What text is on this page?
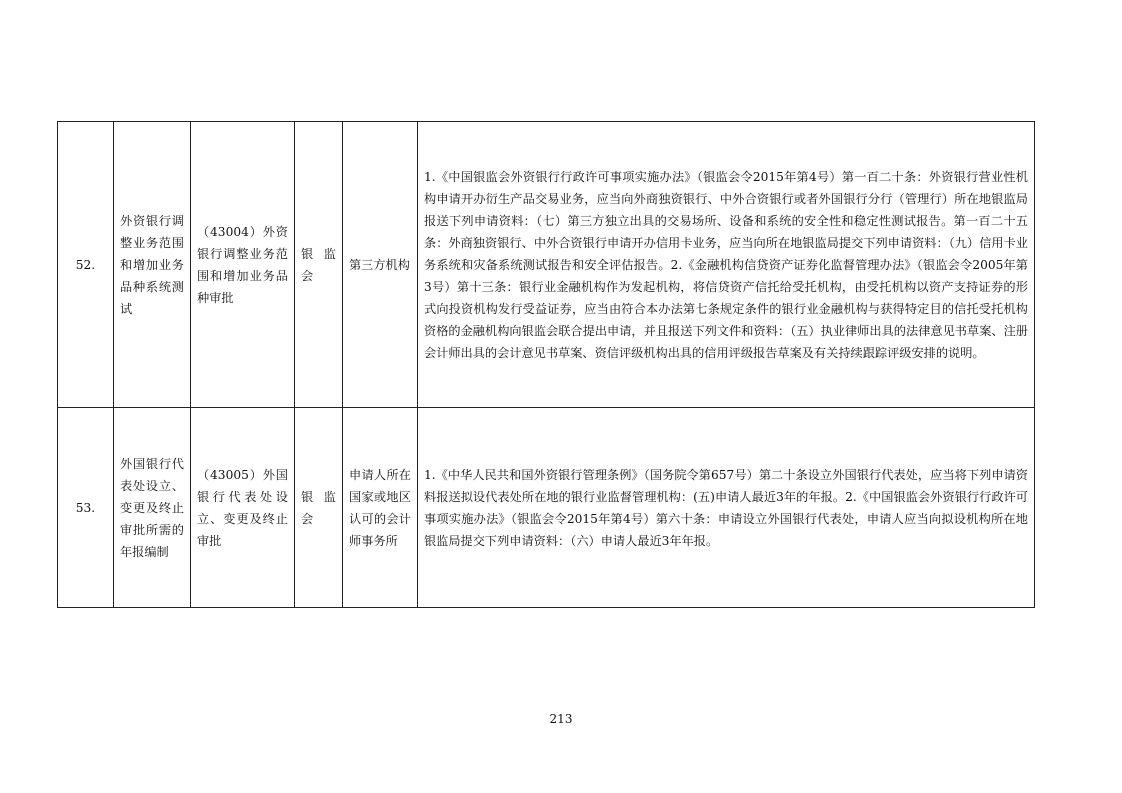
52.	外资银行调整业务范围和增加业务品种系统测试	（43004）外资银行调整业务范围和增加业务品种审批	银监会	第三方机构	1.《中国银监会外资银行行政许可事项实施办法》（银监会令2015年第4号）第一百二十条：外资银行营业性机构申请开办衍生产品交易业务，应当向外商独资银行、中外合资银行或者外国银行分行（管理行）所在地银监局报送下列申请资料：（七）第三方独立出具的交易场所、设备和系统的安全性和稳定性测试报告。第一百二十五条：外商独资银行、中外合资银行申请开办信用卡业务，应当向所在地银监局提交下列申请资料：（九）信用卡业务系统和灾备系统测试报告和安全评估报告。2.《金融机构信贷资产证券化监督管理办法》（银监会令2005年第3号）第十三条：银行业金融机构作为发起机构，将信贷资产信托给受托机构，由受托机构以资产支持证券的形式向投资机构发行受益证券，应当由符合本办法第七条规定条件的银行业金融机构与获得特定目的信托受托机构资格的金融机构向银监会联合提出申请，并且报送下列文件和资料：（五）执业律师出具的法律意见书草案、注册会计师出具的会计意见书草案、资信评级机构出具的信用评级报告草案及有关持续跟踪评级安排的说明。
53.	外国银行代表处设立、变更及终止审批所需的年报编制	（43005）外国银行代表处设立、变更及终止审批	银监会	申请人所在国家或地区认可的会计师事务所	1.《中华人民共和国外资银行管理条例》（国务院令第657号）第二十条设立外国银行代表处，应当将下列申请资料报送拟设代表处所在地的银行业监督管理机构：(五)申请人最近3年的年报。2.《中国银监会外资银行行政许可事项实施办法》（银监会令2015年第4号）第六十条：申请设立外国银行代表处，申请人应当向拟设机构所在地银监局提交下列申请资料：（六）申请人最近3年年报。
213
